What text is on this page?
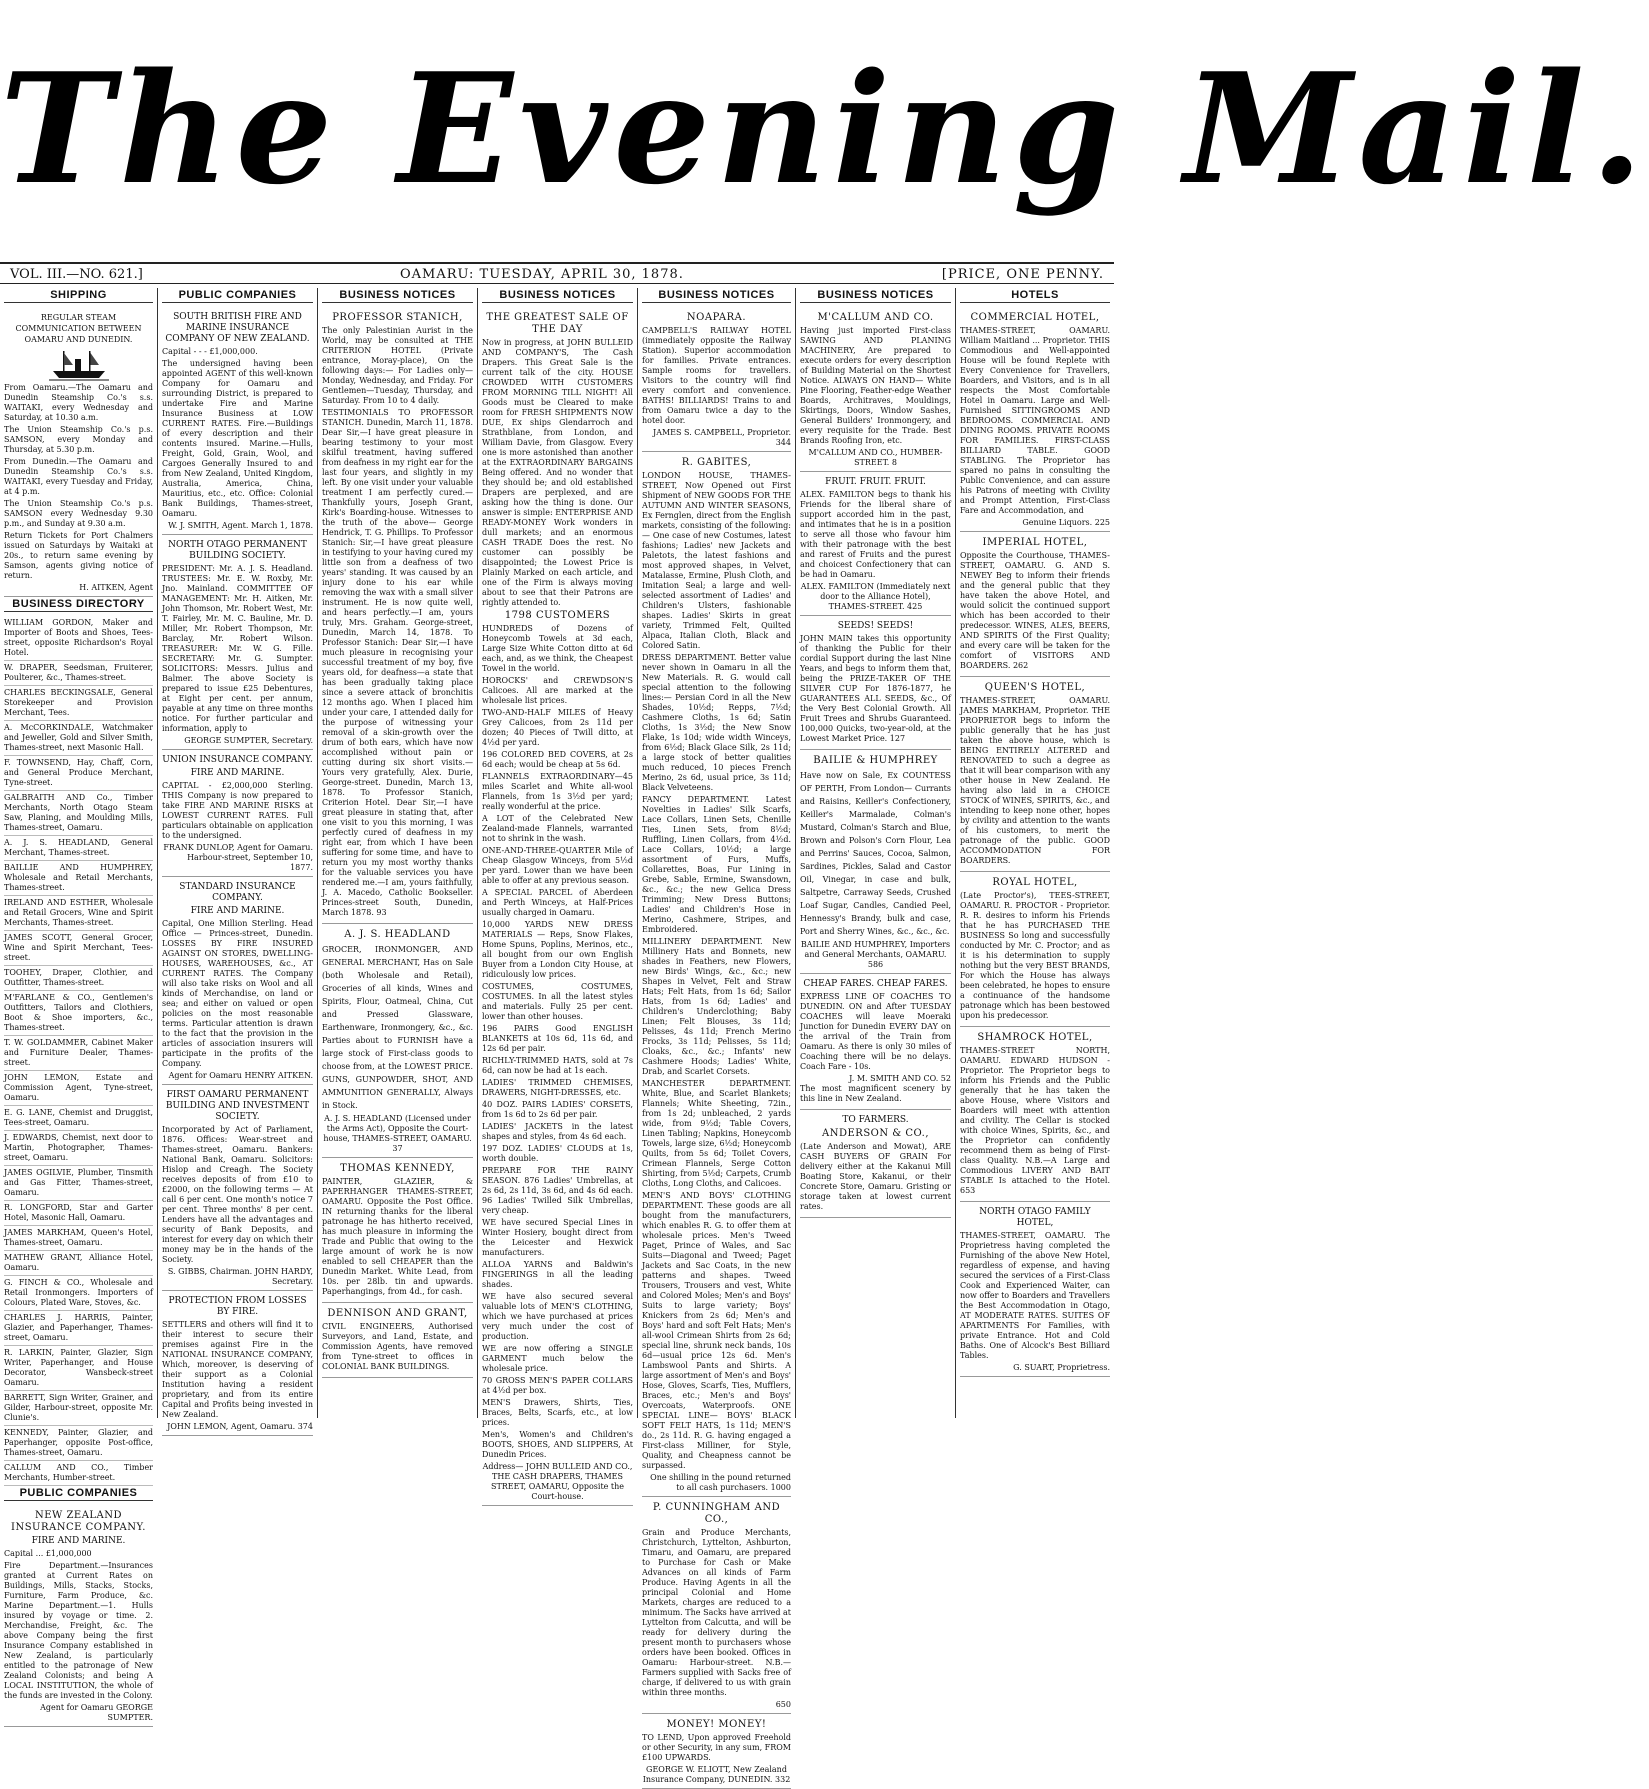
The Evening Mail.
VOL. III.—NO. 621.]	OAMARU: TUESDAY, APRIL 30, 1878.	[PRICE, ONE PENNY.
SHIPPING
REGULAR STEAM COMMUNICATION BETWEEN OAMARU AND DUNEDIN.

From Oamaru.—The Oamaru and Dunedin Steamship Co.'s s.s. WAITAKI, every Wednesday and Saturday, at 10.30 a.m.

The Union Steamship Co.'s p.s. SAMSON, every Monday and Thursday, at 5.30 p.m.

From Dunedin.—The Oamaru and Dunedin Steamship Co.'s s.s. WAITAKI, every Tuesday and Friday, at 4 p.m.

The Union Steamship Co.'s p.s. SAMSON every Wednesday 9.30 p.m., and Sunday at 9.30 a.m.

Return Tickets for Port Chalmers issued on Saturdays by Waitaki at 20s., to return same evening by Samson, agents giving notice of return.

H. AITKEN, Agent
BUSINESS DIRECTORY
WILLIAM GORDON, Maker and Importer of Boots and Shoes, Tees-street, opposite Richardson's Royal Hotel.
W. DRAPER, Seedsman, Fruiterer, Poulterer, &c., Thames-street.
CHARLES BECKINGSALE, General Storekeeper and Provision Merchant, Tees.
A. McCORKINDALE, Watchmaker and Jeweller, Gold and Silver Smith, Thames-street, next Masonic Hall.
F. TOWNSEND, Hay, Chaff, Corn, and General Produce Merchant, Tyne-street.
GALBRAITH AND Co., Timber Merchants, North Otago Steam Saw, Planing, and Moulding Mills, Thames-street, Oamaru.
A. J. S. HEADLAND, General Merchant, Thames-street.
BAILLIE AND HUMPHREY, Wholesale and Retail Merchants, Thames-street.
IRELAND AND ESTHER, Wholesale and Retail Grocers, Wine and Spirit Merchants, Thames-street.
JAMES SCOTT, General Grocer, Wine and Spirit Merchant, Tees-street.
TOOHEY, Draper, Clothier, and Outfitter, Thames-street.
M'FARLANE & CO., Gentlemen's Outfitters, Tailors and Clothiers, Boot & Shoe importers, &c., Thames-street.
T. W. GOLDAMMER, Cabinet Maker and Furniture Dealer, Thames-street.
JOHN LEMON, Estate and Commission Agent, Tyne-street, Oamaru.
E. G. LANE, Chemist and Druggist, Tees-street, Oamaru.
J. EDWARDS, Chemist, next door to Martin, Photographer, Thames-street, Oamaru.
JAMES OGILVIE, Plumber, Tinsmith and Gas Fitter, Thames-street, Oamaru.
R. LONGFORD, Star and Garter Hotel, Masonic Hall, Oamaru.
JAMES MARKHAM, Queen's Hotel, Thames-street, Oamaru.
MATHEW GRANT, Alliance Hotel, Oamaru.
G. FINCH & CO., Wholesale and Retail Ironmongers. Importers of Colours, Plated Ware, Stoves, &c.
CHARLES J. HARRIS, Painter, Glazier, and Paperhanger, Thames-street, Oamaru.
R. LARKIN, Painter, Glazier, Sign Writer, Paperhanger, and House Decorator, Wansbeck-street Oamaru.
BARRETT, Sign Writer, Grainer, and Gilder, Harbour-street, opposite Mr. Clunie's.
KENNEDY, Painter, Glazier, and Paperhanger, opposite Post-office, Thames-street, Oamaru.
CALLUM AND CO., Timber Merchants, Humber-street.
PUBLIC COMPANIES
NEW ZEALAND INSURANCE COMPANY.
FIRE AND MARINE.

Capital ... £1,000,000

Fire Department.—Insurances granted at Current Rates on Buildings, Mills, Stacks, Stocks, Furniture, Farm Produce, &c. Marine Department.—1. Hulls insured by voyage or time. 2. Merchandise, Freight, &c. The above Company being the first Insurance Company established in New Zealand, is particularly entitled to the patronage of New Zealand Colonists; and being A LOCAL INSTITUTION, the whole of the funds are invested in the Colony.

Agent for Oamaru GEORGE SUMPTER.
PUBLIC COMPANIES
SOUTH BRITISH FIRE AND MARINE INSURANCE COMPANY OF NEW ZEALAND.

Capital - - - £1,000,000.

The undersigned having been appointed AGENT of this well-known Company for Oamaru and surrounding District, is prepared to undertake Fire and Marine Insurance Business at LOW CURRENT RATES. Fire.—Buildings of every description and their contents insured. Marine.—Hulls, Freight, Gold, Grain, Wool, and Cargoes Generally Insured to and from New Zealand, United Kingdom, Australia, America, China, Mauritius, etc., etc. Office: Colonial Bank Buildings, Thames-street, Oamaru.

W. J. SMITH, Agent. March 1, 1878.
NORTH OTAGO PERMANENT BUILDING SOCIETY.

PRESIDENT: Mr. A. J. S. Headland. TRUSTEES: Mr. E. W. Roxby, Mr. Jno. Mainland. COMMITTEE OF MANAGEMENT: Mr. H. Aitken, Mr. John Thomson, Mr. Robert West, Mr. T. Fairley, Mr. M. C. Bauline, Mr. D. Miller, Mr. Robert Thompson, Mr. Barclay, Mr. Robert Wilson. TREASURER: Mr. W. G. Fille. SECRETARY: Mr. G. Sumpter. SOLICITORS: Messrs. Julius and Balmer. The above Society is prepared to issue £25 Debentures, at Eight per cent. per annum, payable at any time on three months notice. For further particular and information, apply to

GEORGE SUMPTER, Secretary.
UNION INSURANCE COMPANY.
FIRE AND MARINE.

CAPITAL - £2,000,000 Sterling. THIS Company is now prepared to take FIRE AND MARINE RISKS at LOWEST CURRENT RATES. Full particulars obtainable on application to the undersigned.

FRANK DUNLOP, Agent for Oamaru. Harbour-street, September 10, 1877.
STANDARD INSURANCE COMPANY.
FIRE AND MARINE.

Capital, One Million Sterling. Head Office — Princes-street, Dunedin. LOSSES BY FIRE INSURED AGAINST ON STORES, DWELLING-HOUSES, WAREHOUSES, &c., AT CURRENT RATES. The Company will also take risks on Wool and all kinds of Merchandise, on land or sea; and either on valued or open policies on the most reasonable terms. Particular attention is drawn to the fact that the provision in the articles of association insurers will participate in the profits of the Company.

Agent for Oamaru HENRY AITKEN.
FIRST OAMARU PERMANENT BUILDING AND INVESTMENT SOCIETY.

Incorporated by Act of Parliament, 1876. Offices: Wear-street and Thames-street, Oamaru. Bankers: National Bank, Oamaru. Solicitors: Hislop and Creagh. The Society receives deposits of from £10 to £2000, on the following terms — At call 6 per cent. One month's notice 7 per cent. Three months' 8 per cent. Lenders have all the advantages and security of Bank Deposits, and interest for every day on which their money may be in the hands of the Society.

S. GIBBS, Chairman. JOHN HARDY, Secretary.
PROTECTION FROM LOSSES BY FIRE.

SETTLERS and others will find it to their interest to secure their premises against Fire in the NATIONAL INSURANCE COMPANY, Which, moreover, is deserving of their support as a Colonial Institution having a resident proprietary, and from its entire Capital and Profits being invested in New Zealand.

JOHN LEMON, Agent, Oamaru. 374
BUSINESS NOTICES
PROFESSOR STANICH,

The only Palestinian Aurist in the World, may be consulted at THE CRITERION HOTEL (Private entrance, Moray-place), On the following days:— For Ladies only—Monday, Wednesday, and Friday. For Gentlemen—Tuesday, Thursday, and Saturday. From 10 to 4 daily.

TESTIMONIALS TO PROFESSOR STANICH. Dunedin, March 11, 1878. Dear Sir,—I have great pleasure in bearing testimony to your most skilful treatment, having suffered from deafness in my right ear for the last four years, and slightly in my left. By one visit under your valuable treatment I am perfectly cured.—Thankfully yours, Joseph Grant, Kirk's Boarding-house. Witnesses to the truth of the above— George Hendrick, T. G. Phillips. To Professor Stanich: Sir,—I have great pleasure in testifying to your having cured my little son from a deafness of two years' standing. It was caused by an injury done to his ear while removing the wax with a small silver instrument. He is now quite well, and hears perfectly.—I am, yours truly, Mrs. Graham. George-street, Dunedin, March 14, 1878. To Professor Stanich: Dear Sir,—I have much pleasure in recognising your successful treatment of my boy, five years old, for deafness—a state that has been gradually taking place since a severe attack of bronchitis 12 months ago. When I placed him under your care, I attended daily for the purpose of witnessing your removal of a skin-growth over the drum of both ears, which have now accomplished without pain or cutting during six short visits.—Yours very gratefully, Alex. Durie, George-street. Dunedin, March 13, 1878. To Professor Stanich, Criterion Hotel. Dear Sir,—I have great pleasure in stating that, after one visit to you this morning, I was perfectly cured of deafness in my right ear, from which I have been suffering for some time, and have to return you my most worthy thanks for the valuable services you have rendered me.—I am, yours faithfully, J. A. Macedo, Catholic Bookseller. Princes-street South, Dunedin, March 1878. 93

A. J. S. HEADLAND

GROCER, IRONMONGER, AND GENERAL MERCHANT, Has on Sale (both Wholesale and Retail), Groceries of all kinds, Wines and Spirits, Flour, Oatmeal, China, Cut and Pressed Glassware, Earthenware, Ironmongery, &c., &c. Parties about to FURNISH have a large stock of First-class goods to choose from, at the LOWEST PRICE. GUNS, GUNPOWDER, SHOT, AND AMMUNITION GENERALLY, Always in Stock.

A. J. S. HEADLAND (Licensed under the Arms Act), Opposite the Court-house, THAMES-STREET, OAMARU. 37
THOMAS KENNEDY,

PAINTER, GLAZIER, & PAPERHANGER THAMES-STREET, OAMARU. Opposite the Post Office. IN returning thanks for the liberal patronage he has hitherto received, has much pleasure in informing the Trade and Public that owing to the large amount of work he is now enabled to sell CHEAPER than the Dunedin Market. White Lead, from 10s. per 28lb. tin and upwards. Paperhangings, from 4d., for cash.

DENNISON AND GRANT,

CIVIL ENGINEERS, Authorised Surveyors, and Land, Estate, and Commission Agents, have removed from Tyne-street to offices in COLONIAL BANK BUILDINGS.

BUSINESS NOTICES
THE GREATEST SALE OF THE DAY

Now in progress, at JOHN BULLEID AND COMPANY'S, The Cash Drapers. This Great Sale is the current talk of the city. HOUSE CROWDED WITH CUSTOMERS FROM MORNING TILL NIGHT! All Goods must be Cleared to make room for FRESH SHIPMENTS NOW DUE, Ex ships Glendarroch and Strathblane, from London, and William Davie, from Glasgow. Every one is more astonished than another at the EXTRAORDINARY BARGAINS Being offered. And no wonder that they should be; and old established Drapers are perplexed, and are asking how the thing is done. Our answer is simple: ENTERPRISE AND READY-MONEY Work wonders in dull markets; and an enormous CASH TRADE Does the rest. No customer can possibly be disappointed; the Lowest Price is Plainly Marked on each article, and one of the Firm is always moving about to see that their Patrons are rightly attended to.

1798 CUSTOMERS

HUNDREDS of Dozens of Honeycomb Towels at 3d each, Large Size White Cotton ditto at 6d each, and, as we think, the Cheapest Towel in the world.

HOROCKS' and CREWDSON'S Calicoes. All are marked at the wholesale list prices.

TWO-AND-HALF MILES of Heavy Grey Calicoes, from 2s 11d per dozen; 40 Pieces of Twill ditto, at 4½d per yard.

196 COLORED BED COVERS, at 2s 6d each; would be cheap at 5s 6d.

FLANNELS EXTRAORDINARY—45 miles Scarlet and White all-wool Flannels, from 1s 3½d per yard; really wonderful at the price.

A LOT of the Celebrated New Zealand-made Flannels, warranted not to shrink in the wash.

ONE-AND-THREE-QUARTER Mile of Cheap Glasgow Winceys, from 5½d per yard. Lower than we have been able to offer at any previous season.

A SPECIAL PARCEL of Aberdeen and Perth Winceys, at Half-Prices usually charged in Oamaru.

10,000 YARDS NEW DRESS MATERIALS — Reps, Snow Flakes, Home Spuns, Poplins, Merinos, etc., all bought from our own English Buyer from a London City House, at ridiculously low prices.

COSTUMES, COSTUMES, COSTUMES. In all the latest styles and materials. Fully 25 per cent. lower than other houses.

196 PAIRS Good ENGLISH BLANKETS at 10s 6d, 11s 6d, and 12s 6d per pair.

RICHLY-TRIMMED HATS, sold at 7s 6d, can now be had at 1s each.

LADIES' TRIMMED CHEMISES, DRAWERS, NIGHT-DRESSES, etc.

40 DOZ. PAIRS LADIES' CORSETS, from 1s 6d to 2s 6d per pair.

LADIES' JACKETS in the latest shapes and styles, from 4s 6d each.

197 DOZ. LADIES' CLOUDS at 1s, worth double.

PREPARE FOR THE RAINY SEASON. 876 Ladies' Umbrellas, at 2s 6d, 2s 11d, 3s 6d, and 4s 6d each. 96 Ladies' Twilled Silk Umbrellas, very cheap.

WE have secured Special Lines in Winter Hosiery, bought direct from the Leicester and Hexwick manufacturers.

ALLOA YARNS and Baldwin's FINGERINGS in all the leading shades.

WE have also secured several valuable lots of MEN'S CLOTHING, which we have purchased at prices very much under the cost of production.

WE are now offering a SINGLE GARMENT much below the wholesale price.

70 GROSS MEN'S PAPER COLLARS at 4½d per box.

MEN'S Drawers, Shirts, Ties, Braces, Belts, Scarfs, etc., at low prices.

Men's, Women's and Children's BOOTS, SHOES, AND SLIPPERS, At Dunedin Prices.

Address— JOHN BULLEID AND CO., THE CASH DRAPERS, THAMES STREET, OAMARU, Opposite the Court-house.
BUSINESS NOTICES
NOAPARA.

CAMPBELL'S RAILWAY HOTEL (immediately opposite the Railway Station). Superior accommodation for families. Private entrances. Sample rooms for travellers. Visitors to the country will find every comfort and convenience. BATHS! BILLIARDS! Trains to and from Oamaru twice a day to the hotel door.

JAMES S. CAMPBELL, Proprietor. 344
R. GABITES,

LONDON HOUSE, THAMES-STREET, Now Opened out First Shipment of NEW GOODS FOR THE AUTUMN AND WINTER SEASONS, Ex Fernglen, direct from the English markets, consisting of the following:— One case of new Costumes, latest fashions; Ladies' new Jackets and Paletots, the latest fashions and most approved shapes, in Velvet, Matalasse, Ermine, Plush Cloth, and Imitation Seal; a large and well-selected assortment of Ladies' and Children's Ulsters, fashionable shapes. Ladies' Skirts in great variety, Trimmed Felt, Quilted Alpaca, Italian Cloth, Black and Colored Satin.

DRESS DEPARTMENT. Better value never shown in Oamaru in all the New Materials. R. G. would call special attention to the following lines:— Persian Cord in all the New Shades, 10½d; Repps, 7½d; Cashmere Cloths, 1s 6d; Satin Cloths, 1s 3½d; the New Snow Flake, 1s 10d; wide width Winceys, from 6½d; Black Glace Silk, 2s 11d; a large stock of better qualities much reduced, 10 pieces French Merino, 2s 6d, usual price, 3s 11d; Black Velveteens.

FANCY DEPARTMENT. Latest Novelties in Ladies' Silk Scarfs, Lace Collars, Linen Sets, Chenille Ties, Linen Sets, from 8½d; Ruffling, Linen Collars, from 4½d. Lace Collars, 10½d; a large assortment of Furs, Muffs, Collarettes, Boas, Fur Lining in Grebe, Sable, Ermine, Swansdown, &c., &c.; the new Gelica Dress Trimming; New Dress Buttons; Ladies' and Children's Hose in Merino, Cashmere, Stripes, and Embroidered.

MILLINERY DEPARTMENT. New Millinery Hats and Bonnets, new shades in Feathers, new Flowers, new Birds' Wings, &c., &c.; new Shapes in Velvet, Felt and Straw Hats; Felt Hats, from 1s 6d; Sailor Hats, from 1s 6d; Ladies' and Children's Underclothing; Baby Linen; Felt Blouses, 3s 11d; Pelisses, 4s 11d; French Merino Frocks, 3s 11d; Pelisses, 5s 11d; Cloaks, &c., &c.; Infants' new Cashmere Hoods; Ladies' White, Drab, and Scarlet Corsets.

MANCHESTER DEPARTMENT. White, Blue, and Scarlet Blankets; Flannels; White Sheeting, 72in., from 1s 2d; unbleached, 2 yards wide, from 9½d; Table Covers, Linen Tabling; Napkins, Honeycomb Towels, large size, 6½d; Honeycomb Quilts, from 5s 6d; Toilet Covers, Crimean Flannels, Serge Cotton Shirting, from 5½d; Carpets, Crumb Cloths, Long Cloths, and Calicoes.

MEN'S AND BOYS' CLOTHING DEPARTMENT. These goods are all bought from the manufacturers, which enables R. G. to offer them at wholesale prices. Men's Tweed Paget, Prince of Wales, and Sac Suits—Diagonal and Tweed; Paget Jackets and Sac Coats, in the new patterns and shapes. Tweed Trousers, Trousers and vest, White and Colored Moles; Men's and Boys' Suits to large variety; Boys' Knickers from 2s 6d; Men's and Boys' hard and soft Felt Hats; Men's all-wool Crimean Shirts from 2s 6d; special line, shrunk neck bands, 10s 6d—usual price 12s 6d. Men's Lambswool Pants and Shirts. A large assortment of Men's and Boys' Hose, Gloves, Scarfs, Ties, Mufflers, Braces, etc.; Men's and Boys' Overcoats, Waterproofs. ONE SPECIAL LINE— BOYS' BLACK SOFT FELT HATS, 1s 11d; MEN'S do., 2s 11d. R. G. having engaged a First-class Milliner, for Style, Quality, and Cheapness cannot be surpassed.

One shilling in the pound returned to all cash purchasers. 1000
P. CUNNINGHAM AND CO.,

Grain and Produce Merchants, Christchurch, Lyttelton, Ashburton, Timaru, and Oamaru, are prepared to Purchase for Cash or Make Advances on all kinds of Farm Produce. Having Agents in all the principal Colonial and Home Markets, charges are reduced to a minimum. The Sacks have arrived at Lyttelton from Calcutta, and will be ready for delivery during the present month to purchasers whose orders have been booked. Offices in Oamaru: Harbour-street. N.B.—Farmers supplied with Sacks free of charge, if delivered to us with grain within three months.

650
MONEY! MONEY!

TO LEND, Upon approved Freehold or other Security, in any sum, FROM £100 UPWARDS.

GEORGE W. ELIOTT, New Zealand Insurance Company, DUNEDIN. 332
BUSINESS NOTICES
M'CALLUM AND CO.

Having just imported First-class SAWING AND PLANING MACHINERY, Are prepared to execute orders for every description of Building Material on the Shortest Notice. ALWAYS ON HAND— White Pine Flooring, Feather-edge Weather Boards, Architraves, Mouldings, Skirtings, Doors, Window Sashes, General Builders' Ironmongery, and every requisite for the Trade. Best Brands Roofing Iron, etc.

M'CALLUM AND CO., HUMBER-STREET. 8
FRUIT. FRUIT. FRUIT.

ALEX. FAMILTON begs to thank his Friends for the liberal share of support accorded him in the past, and intimates that he is in a position to serve all those who favour him with their patronage with the best and rarest of Fruits and the purest and choicest Confectionery that can be had in Oamaru.

ALEX. FAMILTON (Immediately next door to the Alliance Hotel), THAMES-STREET. 425
SEEDS! SEEDS!

JOHN MAIN takes this opportunity of thanking the Public for their cordial Support during the last Nine Years, and begs to inform them that, being the PRIZE-TAKER OF THE SILVER CUP For 1876-1877, he GUARANTEES ALL SEEDS, &c., Of the Very Best Colonial Growth. All Fruit Trees and Shrubs Guaranteed. 100,000 Quicks, two-year-old, at the Lowest Market Price. 127

BAILIE & HUMPHREY

Have now on Sale, Ex COUNTESS OF PERTH, From London— Currants and Raisins, Keiller's Confectionery, Keiller's Marmalade, Colman's Mustard, Colman's Starch and Blue, Brown and Polson's Corn Flour, Lea and Perrins' Sauces, Cocoa, Salmon, Sardines, Pickles, Salad and Castor Oil, Vinegar, in case and bulk, Saltpetre, Carraway Seeds, Crushed Loaf Sugar, Candles, Candied Peel, Hennessy's Brandy, bulk and case, Port and Sherry Wines, &c., &c., &c.

BAILIE AND HUMPHREY, Importers and General Merchants, OAMARU. 586
CHEAP FARES. CHEAP FARES.

EXPRESS LINE OF COACHES TO DUNEDIN. ON and After TUESDAY COACHES will leave Moeraki Junction for Dunedin EVERY DAY on the arrival of the Train from Oamaru. As there is only 30 miles of Coaching there will be no delays. Coach Fare - 10s.

J. M. SMITH AND CO. 52

The most magnificent scenery by this line in New Zealand.

TO FARMERS.
ANDERSON & CO.,

(Late Anderson and Mowat), ARE CASH BUYERS OF GRAIN For delivery either at the Kakanui Mill Boating Store, Kakanui, or their Concrete Store, Oamaru. Gristing or storage taken at lowest current rates.

HOTELS
COMMERCIAL HOTEL,

THAMES-STREET, OAMARU. William Maitland ... Proprietor. THIS Commodious and Well-appointed House will be found Replete with Every Convenience for Travellers, Boarders, and Visitors, and is in all respects the Most Comfortable Hotel in Oamaru. Large and Well-Furnished SITTINGROOMS AND BEDROOMS. COMMERCIAL AND DINING ROOMS. PRIVATE ROOMS FOR FAMILIES. FIRST-CLASS BILLIARD TABLE. GOOD STABLING. The Proprietor has spared no pains in consulting the Public Convenience, and can assure his Patrons of meeting with Civility and Prompt Attention, First-Class Fare and Accommodation, and

Genuine Liquors. 225
IMPERIAL HOTEL,

Opposite the Courthouse, THAMES-STREET, OAMARU. G. AND S. NEWEY Beg to inform their friends and the general public that they have taken the above Hotel, and would solicit the continued support which has been accorded to their predecessor. WINES, ALES, BEERS, AND SPIRITS Of the First Quality; and every care will be taken for the comfort of VISITORS AND BOARDERS. 262

QUEEN'S HOTEL,

THAMES-STREET, OAMARU. JAMES MARKHAM, Proprietor. THE PROPRIETOR begs to inform the public generally that he has just taken the above house, which is BEING ENTIRELY ALTERED and RENOVATED to such a degree as that it will bear comparison with any other house in New Zealand. He having also laid in a CHOICE STOCK of WINES, SPIRITS, &c., and intending to keep none other, hopes by civility and attention to the wants of his customers, to merit the patronage of the public. GOOD ACCOMMODATION FOR BOARDERS.

ROYAL HOTEL,

(Late Proctor's), TEES-STREET, OAMARU. R. PROCTOR - Proprietor. R. R. desires to inform his Friends that he has PURCHASED THE BUSINESS So long and successfully conducted by Mr. C. Proctor; and as it is his determination to supply nothing but the very BEST BRANDS, For which the House has always been celebrated, he hopes to ensure a continuance of the handsome patronage which has been bestowed upon his predecessor.

SHAMROCK HOTEL,

THAMES-STREET NORTH, OAMARU. EDWARD HUDSON - Proprietor. The Proprietor begs to inform his Friends and the Public generally that he has taken the above House, where Visitors and Boarders will meet with attention and civility. The Cellar is stocked with choice Wines, Spirits, &c., and the Proprietor can confidently recommend them as being of First-class Quality. N.B.—A Large and Commodious LIVERY AND BAIT STABLE Is attached to the Hotel. 653

NORTH OTAGO FAMILY HOTEL,

THAMES-STREET, OAMARU. The Proprietress having completed the Furnishing of the above New Hotel, regardless of expense, and having secured the services of a First-Class Cook and Experienced Waiter, can now offer to Boarders and Travellers the Best Accommodation in Otago, AT MODERATE RATES. SUITES OF APARTMENTS For Families, with private Entrance. Hot and Cold Baths. One of Alcock's Best Billiard Tables.

G. SUART, Proprietress.
